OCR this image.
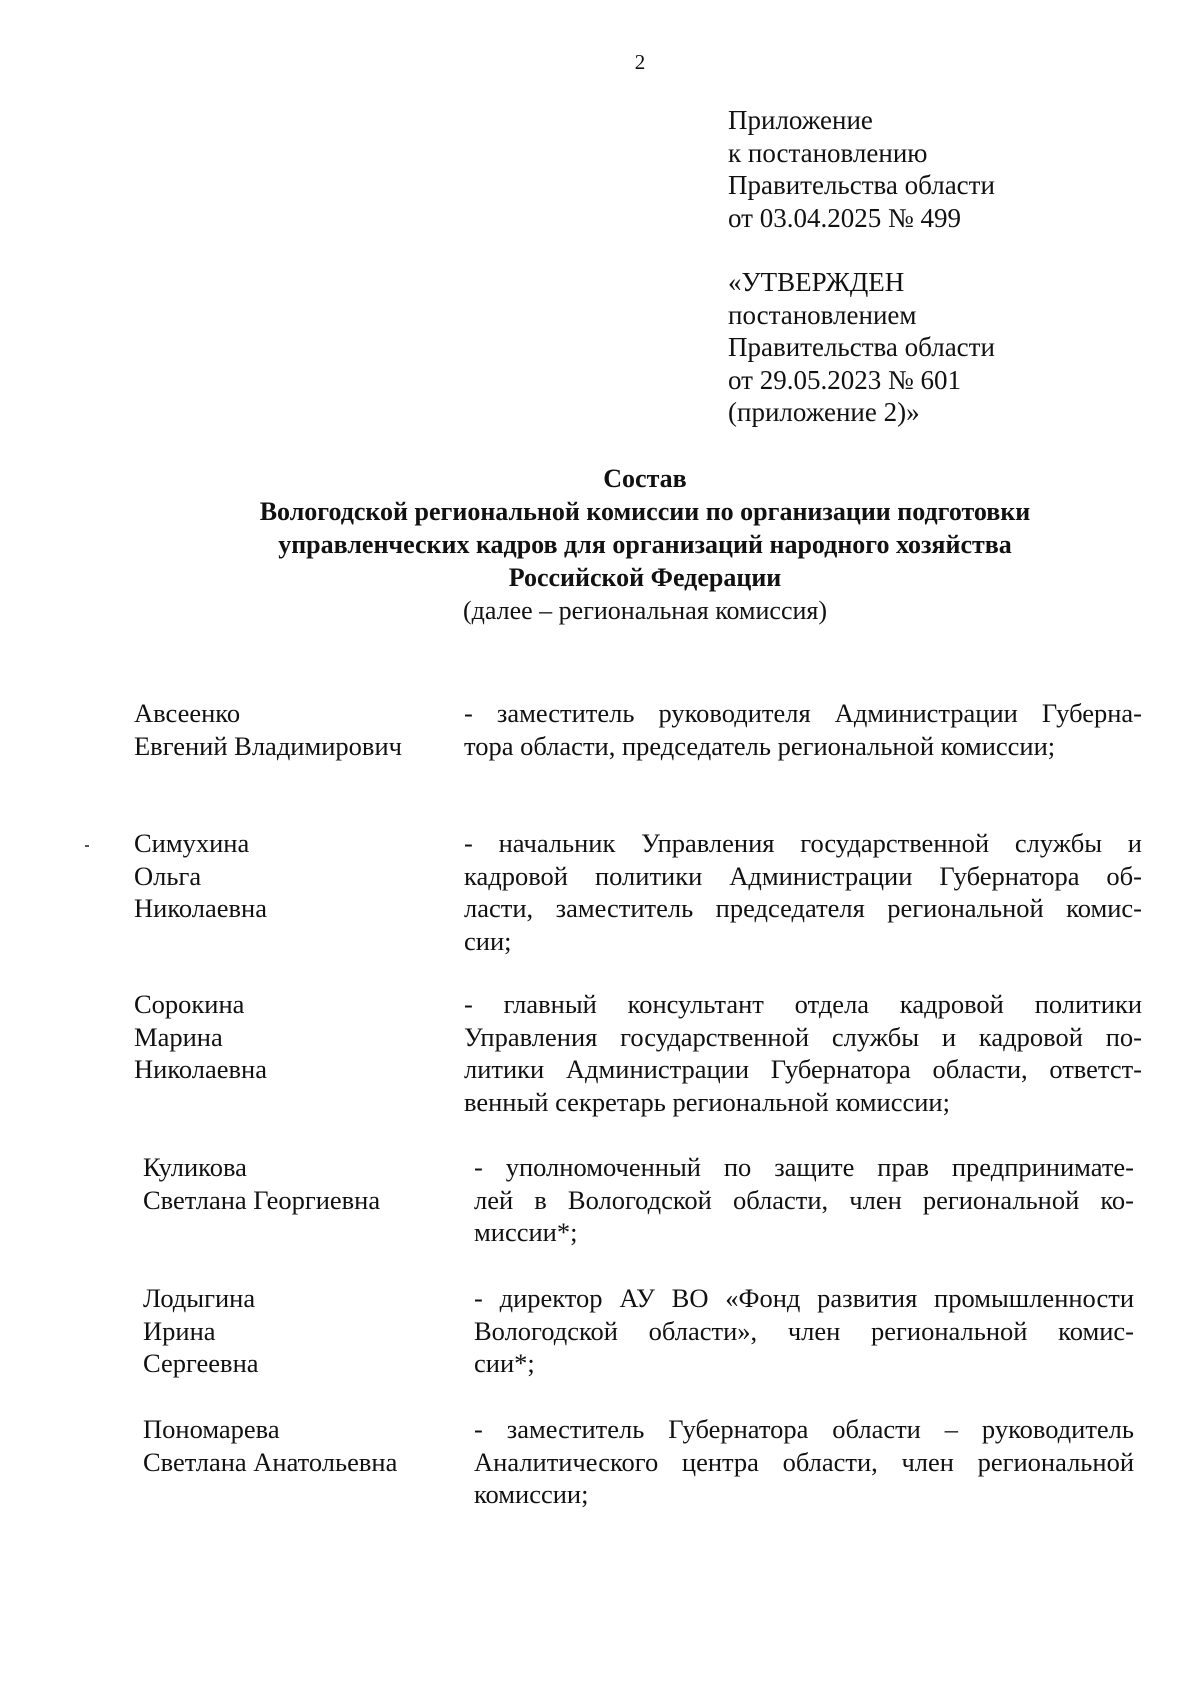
2
Приложение
к постановлению
Правительства области
от 03.04.2025 № 499
«УТВЕРЖДЕН
постановлением
Правительства области
от 29.05.2023 № 601
(приложение 2)»
Состав
Вологодской региональной комиссии по организации подготовки
управленческих кадров для организаций народного хозяйства
Российской Федерации
(далее – региональная комиссия)
Авсеенко
Евгений Владимирович
- заместитель руководителя Администрации Губерна-
тора области, председатель региональной комиссии;
Симухина
Ольга
Николаевна
- начальник Управления государственной службы и
кадровой политики Администрации Губернатора об-
ласти, заместитель председателя региональной комис-
сии;
Сорокина
Марина
Николаевна
- главный консультант отдела кадровой политики
Управления государственной службы и кадровой по-
литики Администрации Губернатора области, ответст-
венный секретарь региональной комиссии;
Куликова
Светлана Георгиевна
- уполномоченный по защите прав предпринимате-
лей в Вологодской области, член региональной ко-
миссии*;
Лодыгина
Ирина
Сергеевна
- директор АУ ВО «Фонд развития промышленности
Вологодской области», член региональной комис-
сии*;
Пономарева
Светлана Анатольевна
- заместитель Губернатора области – руководитель
Аналитического центра области, член региональной
комиссии;
